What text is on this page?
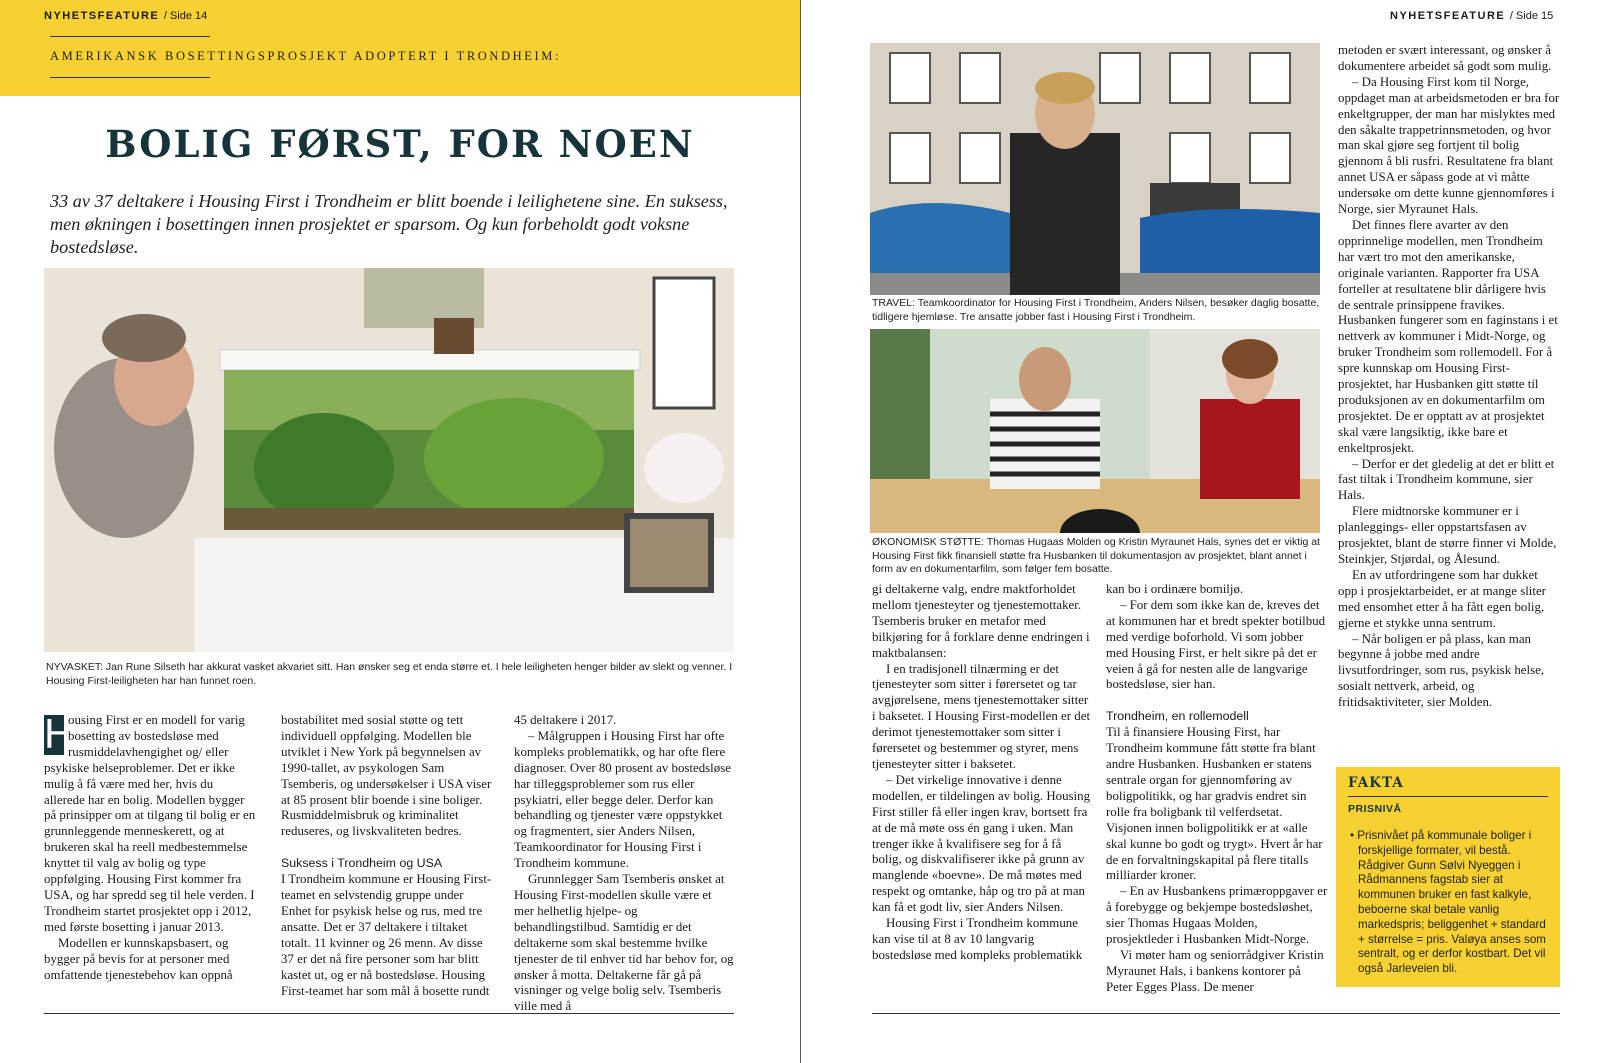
NYHETSFEATURE / Side 14
AMERIKANSK BOSETTINGSPROSJEKT ADOPTERT I TRONDHEIM:
BOLIG FØRST, FOR NOEN
33 av 37 deltakere i Housing First i Trondheim er blitt boende i leilighetene sine. En suksess, men økningen i bosettingen innen prosjektet er sparsom. Og kun forbeholdt godt voksne bostedsløse.
NYVASKET: Jan Rune Silseth har akkurat vasket akvariet sitt. Han ønsker seg et enda større et. I hele leiligheten henger bilder av slekt og venner. I Housing First-leiligheten har han funnet roen.

H
ousing First er en modell for varig bosetting av bostedsløse med rusmiddelavhengighet og/ eller psykiske helseproblemer. Det er ikke mulig å få være med her, hvis du allerede har en bolig. Modellen bygger på prinsipper om at tilgang til bolig er en grunnleggende menneskerett, og at brukeren skal ha reell medbestemmelse knyttet til valg av bolig og type oppfølging. Housing First kommer fra USA, og har spredd seg til hele verden. I Trondheim startet prosjektet opp i 2012, med første bosetting i januar 2013.

Modellen er kunnskapsbasert, og bygger på bevis for at personer med omfattende tjenestebehov kan oppnå

bostabilitet med sosial støtte og tett individuell oppfølging. Modellen ble utviklet i New York på begynnelsen av 1990-tallet, av psykologen Sam Tsemberis, og undersøkelser i USA viser at 85 prosent blir boende i sine boliger. Rusmiddelmisbruk og kriminalitet reduseres, og livskvaliteten bedres.

Suksess i Trondheim og USA

I Trondheim kommune er Housing First-teamet en selvstendig gruppe under Enhet for psykisk helse og rus, med tre ansatte. Det er 37 deltakere i tiltaket totalt. 11 kvinner og 26 menn. Av disse 37 er det nå fire personer som har blitt kastet ut, og er nå bostedsløse. Housing First-teamet har som mål å bosette rundt

45 deltakere i 2017.

– Målgruppen i Housing First har ofte kompleks problematikk, og har ofte flere diagnoser. Over 80 prosent av bostedsløse har tilleggsproblemer som rus eller psykiatri, eller begge deler. Derfor kan behandling og tjenester være oppstykket og fragmentert, sier Anders Nilsen, Teamkoordinator for Housing First i Trondheim kommune.

Grunnlegger Sam Tsemberis ønsket at Housing First-modellen skulle være et mer helhetlig hjelpe- og behandlingstilbud. Samtidig er det deltakerne som skal bestemme hvilke tjenester de til enhver tid har behov for, og ønsker å motta. Deltakerne får gå på visninger og velge bolig selv. Tsemberis ville med å

NYHETSFEATURE / Side 15
TRAVEL: Teamkoordinator for Housing First i Trondheim, Anders Nilsen, besøker daglig bosatte, tidligere hjemløse. Tre ansatte jobber fast i Housing First i Trondheim.
ØKONOMISK STØTTE: Thomas Hugaas Molden og Kristin Myraunet Hals, synes det er viktig at Housing First fikk finansiell støtte fra Husbanken til dokumentasjon av prosjektet, blant annet i form av en dokumentarfilm, som følger fem bosatte.

gi deltakerne valg, endre maktforholdet mellom tjenesteyter og tjenestemottaker. Tsemberis bruker en metafor med bilkjøring for å forklare denne endringen i maktbalansen:

I en tradisjonell tilnærming er det tjenesteyter som sitter i førersetet og tar avgjørelsene, mens tjenestemottaker sitter i baksetet. I Housing First-modellen er det derimot tjenestemottaker som sitter i førersetet og bestemmer og styrer, mens tjenesteyter sitter i baksetet.

– Det virkelige innovative i denne modellen, er tildelingen av bolig. Housing First stiller få eller ingen krav, bortsett fra at de må møte oss én gang i uken. Man trenger ikke å kvalifisere seg for å få bolig, og diskvalifiserer ikke på grunn av manglende «boevne». De må møtes med respekt og omtanke, håp og tro på at man kan få et godt liv, sier Anders Nilsen.

Housing First i Trondheim kommune kan vise til at 8 av 10 langvarig bostedsløse med kompleks problematikk

kan bo i ordinære bomiljø.

– For dem som ikke kan de, kreves det at kommunen har et bredt spekter botilbud med verdige boforhold. Vi som jobber med Housing First, er helt sikre på det er veien å gå for nesten alle de langvarige bostedsløse, sier han.

Trondheim, en rollemodell

Til å finansiere Housing First, har Trondheim kommune fått støtte fra blant andre Husbanken. Husbanken er statens sentrale organ for gjennomføring av boligpolitikk, og har gradvis endret sin rolle fra boligbank til velferdsetat. Visjonen innen boligpolitikk er at «alle skal kunne bo godt og trygt». Hvert år har de en forvaltningskapital på flere titalls milliarder kroner.

– En av Husbankens primæroppgaver er å forebygge og bekjempe bostedsløshet, sier Thomas Hugaas Molden, prosjektleder i Husbanken Midt-Norge.

Vi møter ham og seniorrådgiver Kristin Myraunet Hals, i bankens kontorer på Peter Egges Plass. De mener

metoden er svært interessant, og ønsker å dokumentere arbeidet så godt som mulig.

– Da Housing First kom til Norge, oppdaget man at arbeidsmetoden er bra for enkeltgrupper, der man har mislyktes med den såkalte trappetrinnsmetoden, og hvor man skal gjøre seg fortjent til bolig gjennom å bli rusfri. Resultatene fra blant annet USA er såpass gode at vi måtte undersøke om dette kunne gjennomføres i Norge, sier Myraunet Hals.

Det finnes flere avarter av den opprinnelige modellen, men Trondheim har vært tro mot den amerikanske, originale varianten. Rapporter fra USA forteller at resultatene blir dårligere hvis de sentrale prinsippene fravikes. Husbanken fungerer som en faginstans i et nettverk av kommuner i Midt-Norge, og bruker Trondheim som rollemodell. For å spre kunnskap om Housing First-prosjektet, har Husbanken gitt støtte til produksjonen av en dokumentarfilm om prosjektet. De er opptatt av at prosjektet skal være langsiktig, ikke bare et enkeltprosjekt.

– Derfor er det gledelig at det er blitt et fast tiltak i Trondheim kommune, sier Hals.

Flere midtnorske kommuner er i planleggings- eller oppstartsfasen av prosjektet, blant de større finner vi Molde, Steinkjer, Stjørdal, og Ålesund.

En av utfordringene som har dukket opp i prosjektarbeidet, er at mange sliter med ensomhet etter å ha fått egen bolig, gjerne et stykke unna sentrum.

– Når boligen er på plass, kan man begynne å jobbe med andre livsutfordringer, som rus, psykisk helse, sosialt nettverk, arbeid, og fritidsaktiviteter, sier Molden.

FAKTA
PRISNIVÅ
• Prisnivået på kommunale boliger i forskjellige formater, vil bestå. Rådgiver Gunn Sølvi Nyeggen i Rådmannens fagstab sier at kommunen bruker en fast kalkyle, beboerne skal betale vanlig markedspris; beliggenhet + standard + størrelse = pris. Valøya anses som sentralt, og er derfor kostbart. Det vil også Jarleveien bli.
